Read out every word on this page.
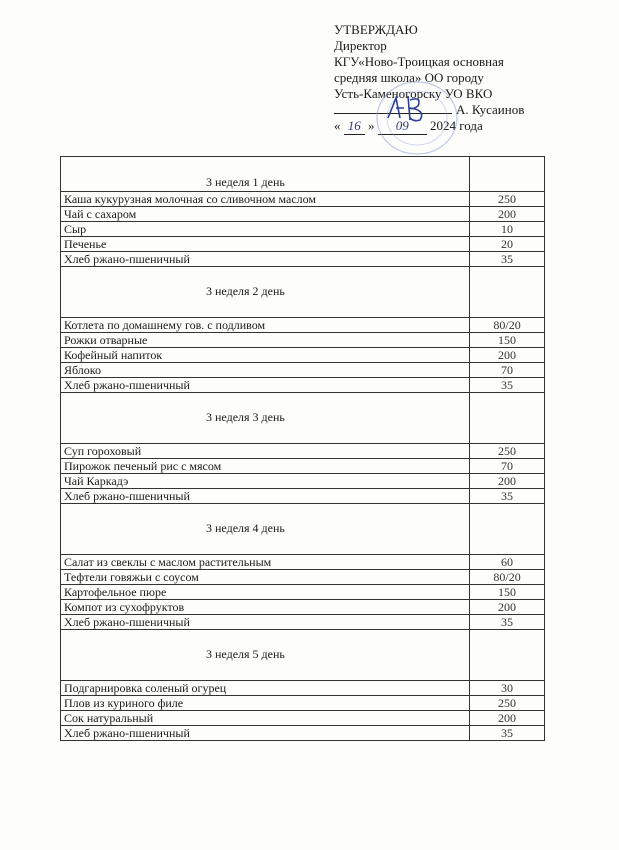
УТВЕРЖДАЮ
Директор
КГУ«Ново-Троицкая основная
средняя школа» ОО городу
Усть-Каменогорску УО ВКО
А. Кусаинов
« 16 » 09 2024 года
3 неделя 1 день	
Каша кукурузная молочная со сливочном маслом	250
Чай с сахаром	200
Сыр	10
Печенье	20
Хлеб ржано-пшеничный	35
3 неделя 2 день	
Котлета по домашнему гов. с подливом	80/20
Рожки отварные	150
Кофейный напиток	200
Яблоко	70
Хлеб ржано-пшеничный	35
3 неделя 3 день	
Суп гороховый	250
Пирожок печеный рис с мясом	70
Чай Каркадэ	200
Хлеб ржано-пшеничный	35
3 неделя 4 день	
Салат из свеклы с маслом растительным	60
Тефтели говяжьи с соусом	80/20
Картофельное пюре	150
Компот из сухофруктов	200
Хлеб ржано-пшеничный	35
3 неделя 5 день	
Подгарнировка соленый огурец	30
Плов из куриного филе	250
Сок натуральный	200
Хлеб ржано-пшеничный	35
